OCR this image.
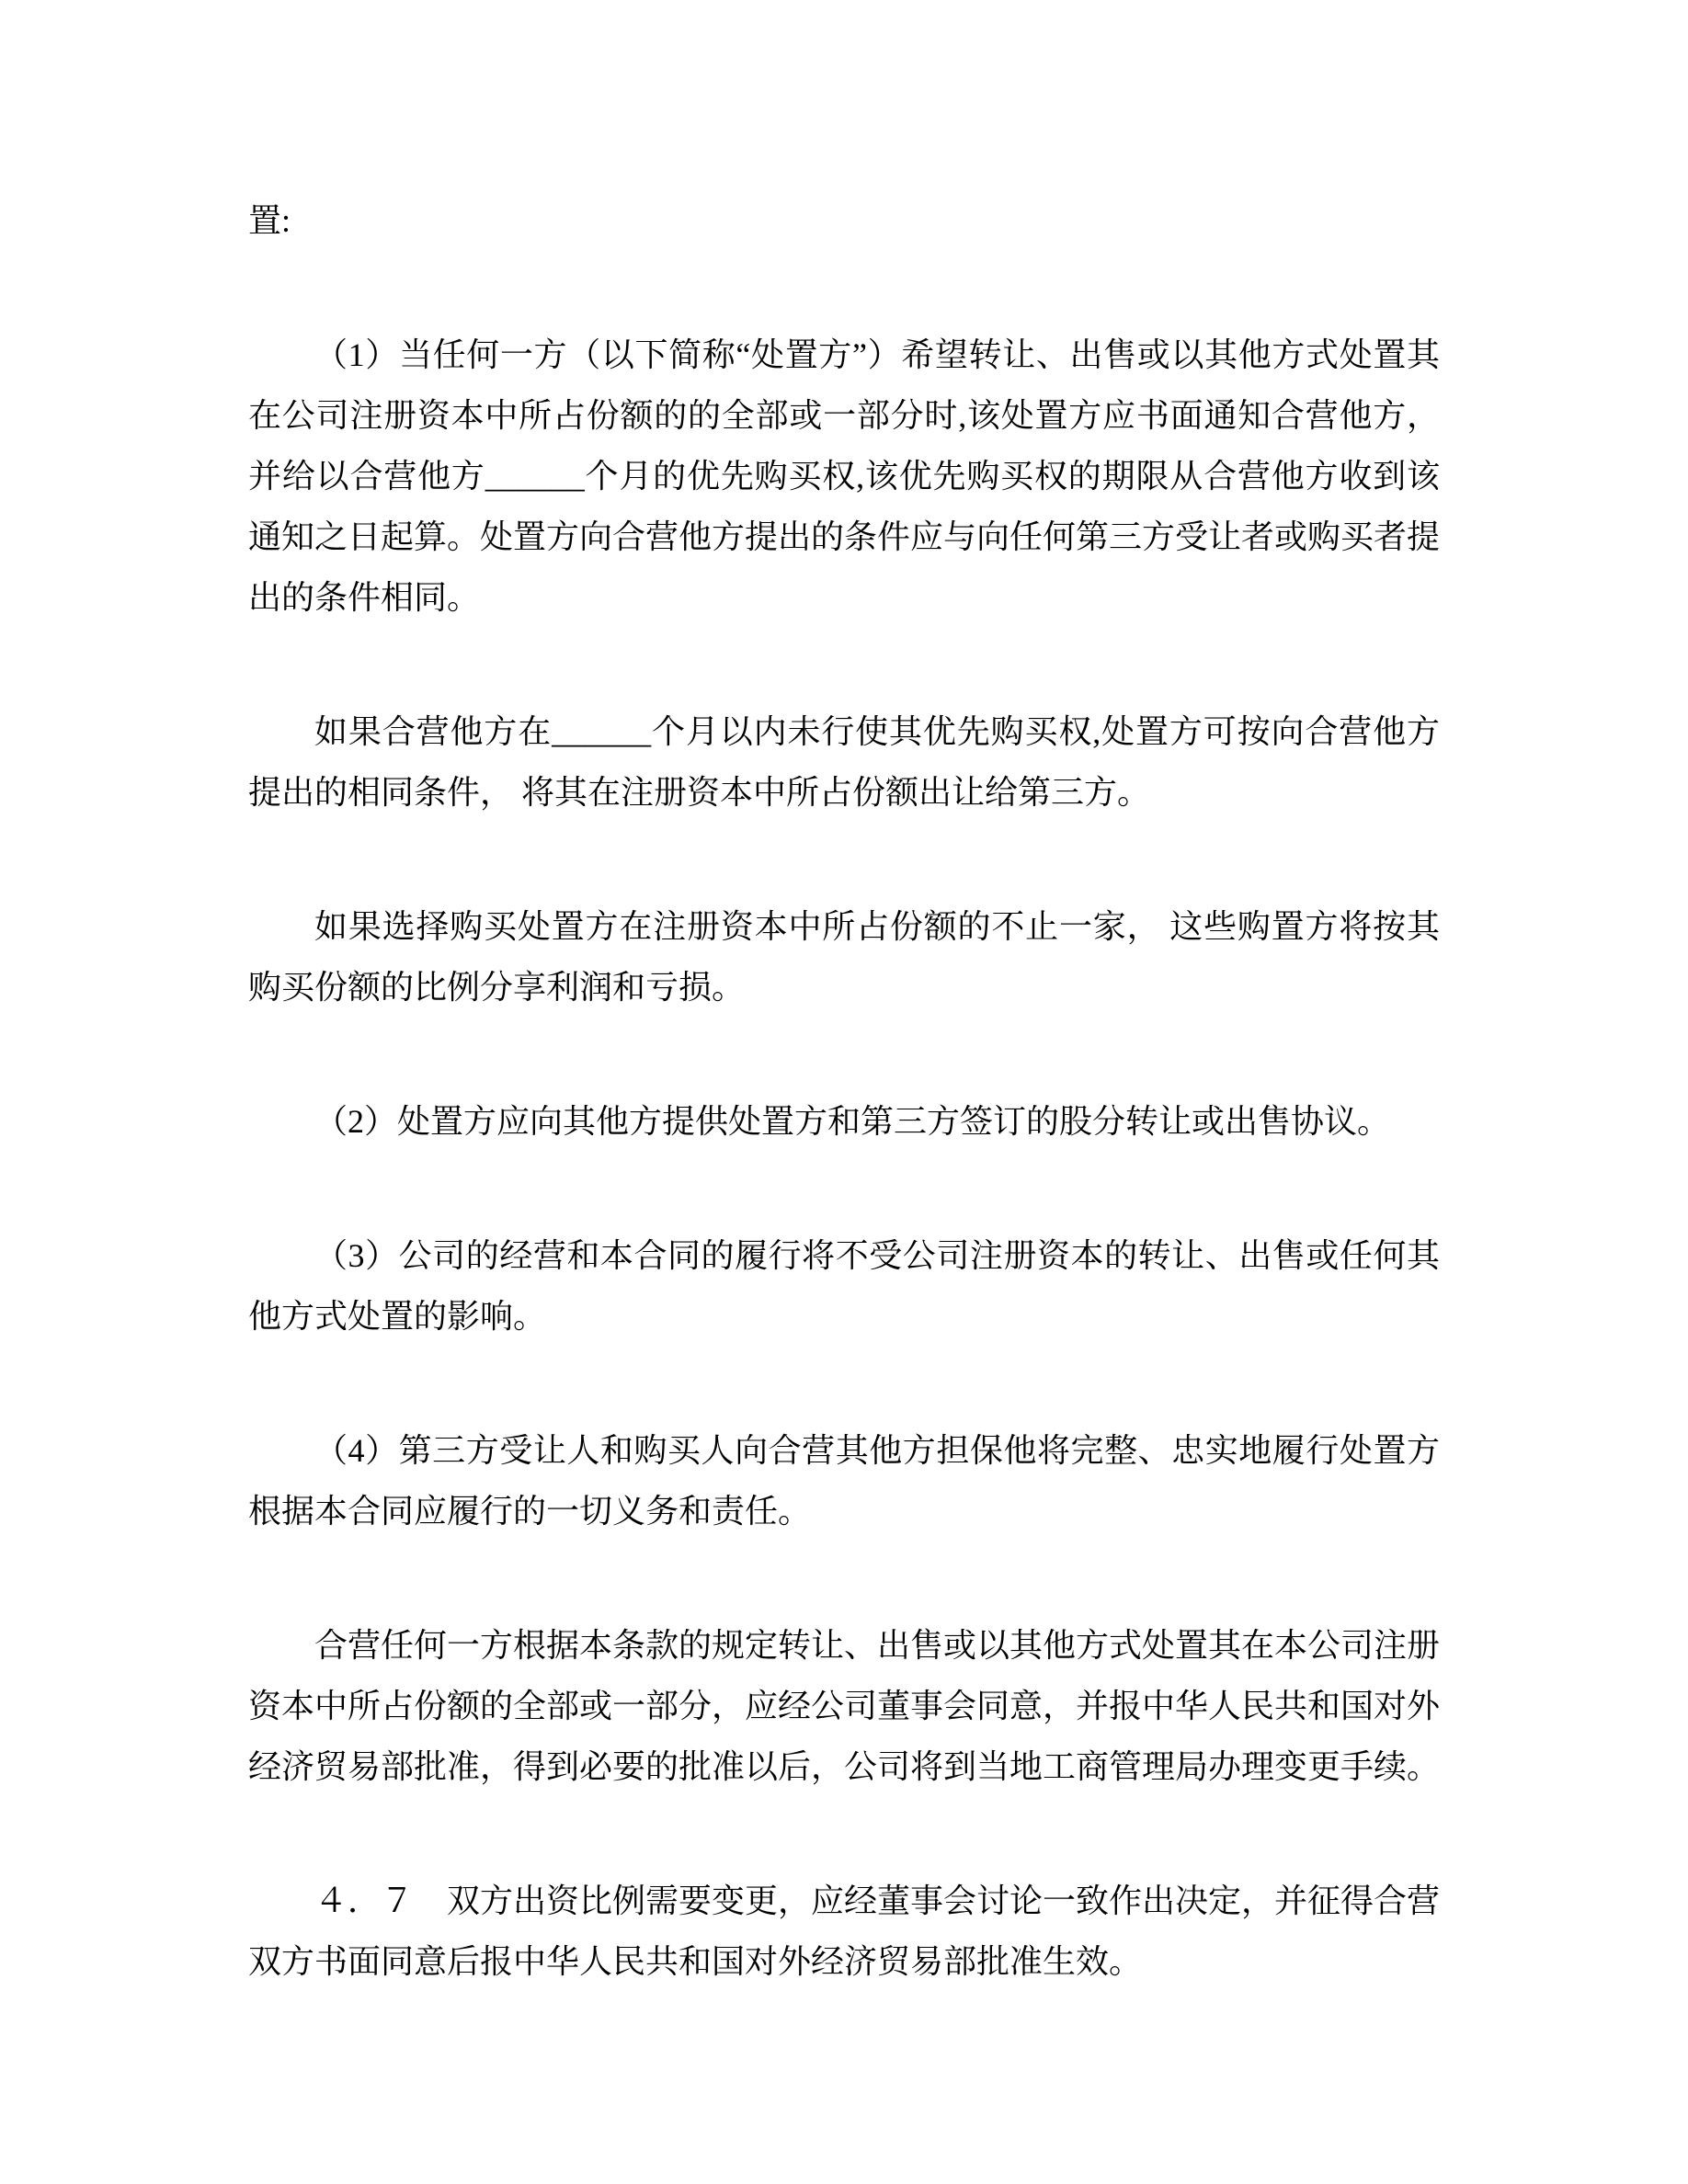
置:

（1）当任何一方（以下简称“处置方”）希望转让、出售或以其他方式处置其在公司注册资本中所占份额的的全部或一部分时,该处置方应书面通知合营他方，并给以合营他方______个月的优先购买权,该优先购买权的期限从合营他方收到该通知之日起算。处置方向合营他方提出的条件应与向任何第三方受让者或购买者提出的条件相同。

如果合营他方在______个月以内未行使其优先购买权,处置方可按向合营他方提出的相同条件， 将其在注册资本中所占份额出让给第三方。

如果选择购买处置方在注册资本中所占份额的不止一家， 这些购置方将按其购买份额的比例分享利润和亏损。

（2）处置方应向其他方提供处置方和第三方签订的股分转让或出售协议。

（3）公司的经营和本合同的履行将不受公司注册资本的转让、出售或任何其他方式处置的影响。

（4）第三方受让人和购买人向合营其他方担保他将完整、忠实地履行处置方根据本合同应履行的一切义务和责任。

合营任何一方根据本条款的规定转让、出售或以其他方式处置其在本公司注册资本中所占份额的全部或一部分，应经公司董事会同意，并报中华人民共和国对外经济贸易部批准，得到必要的批准以后，公司将到当地工商管理局办理变更手续。

４．７　双方出资比例需要变更，应经董事会讨论一致作出决定，并征得合营双方书面同意后报中华人民共和国对外经济贸易部批准生效。
